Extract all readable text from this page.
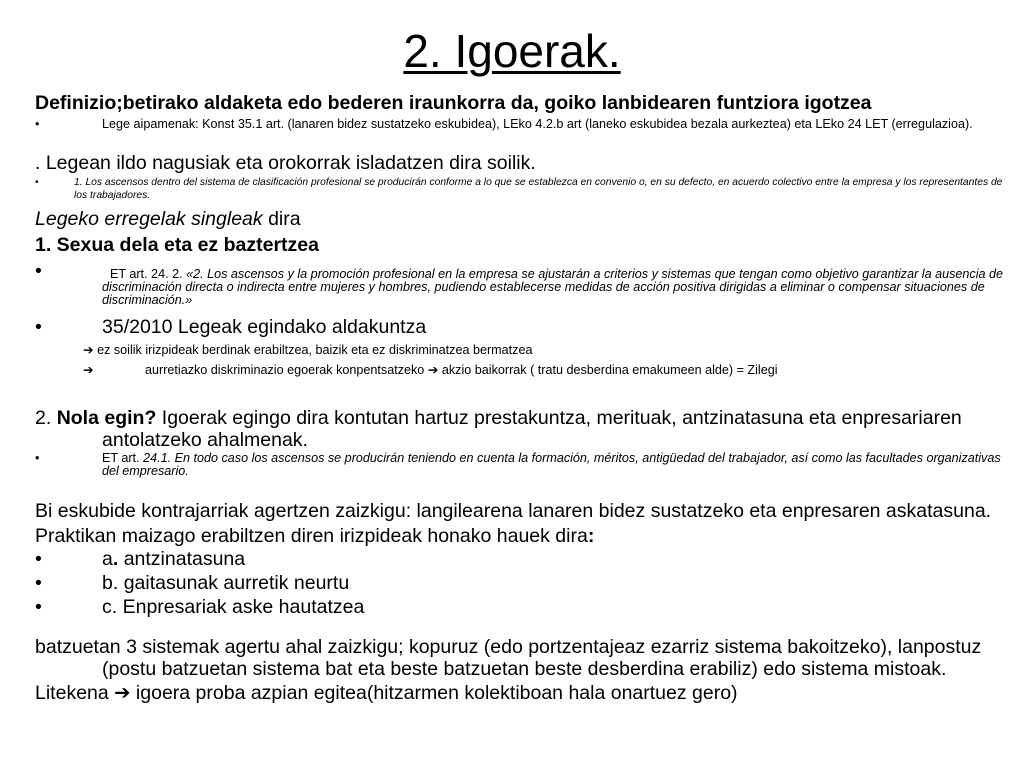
2. Igoerak.
Definizio;betirako aldaketa edo bederen iraunkorra da, goiko lanbidearen funtziora igotzea
•	Lege aipamenak: Konst 35.1 art. (lanaren bidez sustatzeko eskubidea), LEko 4.2.b art (laneko eskubidea bezala aurkeztea) eta LEko 24 LET (erregulazioa).
. Legean ildo nagusiak eta orokorrak isladatzen dira soilik.
•	1. Los ascensos dentro del sistema de clasificación profesional se producirán conforme a lo que se establezca en convenio o, en su defecto, en acuerdo colectivo entre la empresa y los representantes de los trabajadores.
Legeko erregelak singleak dira
1. Sexua dela eta ez baztertzea
•	ET art. 24. 2. «2. Los ascensos y la promoción profesional en la empresa se ajustarán a criterios y sistemas que tengan como objetivo garantizar la ausencia de discriminación directa o indirecta entre mujeres y hombres, pudiendo establecerse medidas de acción positiva dirigidas a eliminar o compensar situaciones de discriminación.»
•	35/2010 Legeak egindako aldakuntza
➔ ez soilik irizpideak berdinak erabiltzea, baizik eta ez diskriminatzea bermatzea
➔	aurretiazko diskriminazio egoerak konpentsatzeko ➔ akzio baikorrak ( tratu desberdina emakumeen alde) = Zilegi
2. Nola egin? Igoerak egingo dira kontutan hartuz prestakuntza, merituak, antzinatasuna eta enpresariaren antolatzeko ahalmenak.
•	ET art. 24.1. En todo caso los ascensos se producirán teniendo en cuenta la formación, méritos, antigüedad del trabajador, así como las facultades organizativas del empresario.
Bi eskubide kontrajarriak agertzen zaizkigu: langilearena lanaren bidez sustatzeko eta enpresaren askatasuna.
Praktikan maizago erabiltzen diren irizpideak honako hauek dira:
•	a. antzinatasuna
•	b. gaitasunak aurretik neurtu
•	c. Enpresariak aske hautatzea
batzuetan 3 sistemak agertu ahal zaizkigu; kopuruz (edo portzentajeaz ezarriz sistema bakoitzeko), lanpostuz (postu batzuetan sistema bat eta beste batzuetan beste desberdina erabiliz) edo sistema mistoak.
Litekena ➔ igoera proba azpian egitea(hitzarmen kolektiboan hala onartuez gero)
